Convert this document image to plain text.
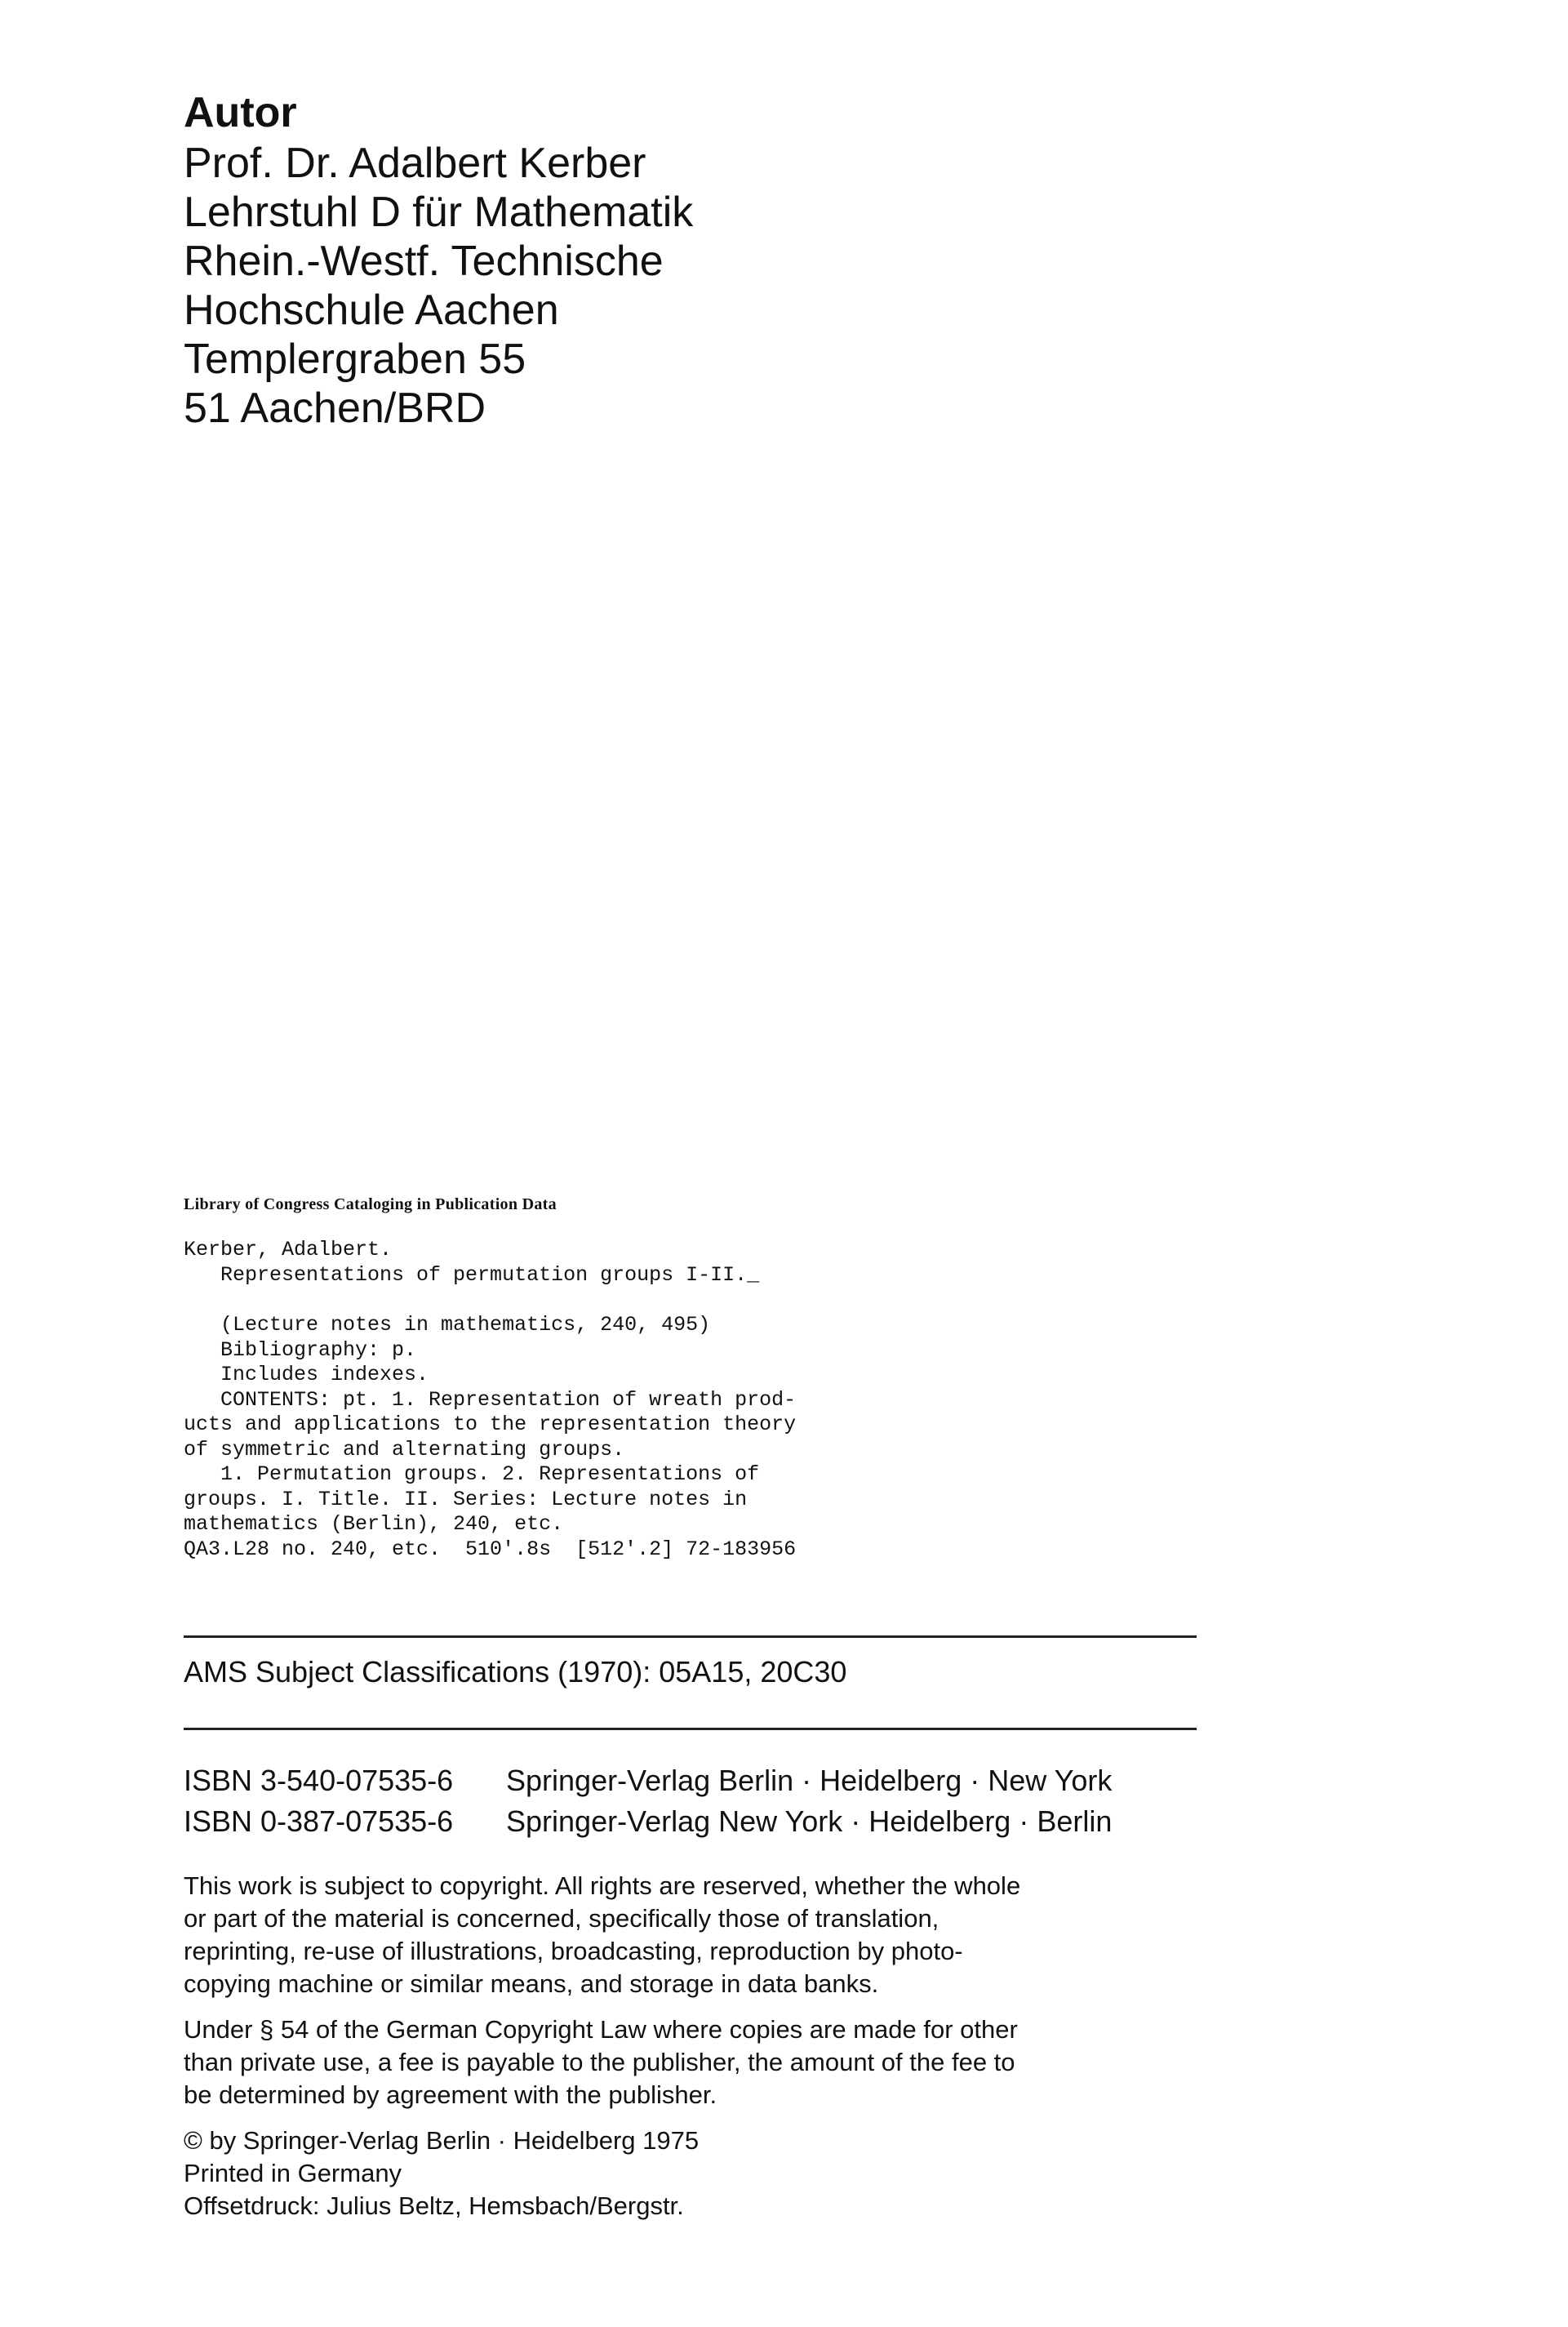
Autor
Prof. Dr. Adalbert Kerber
Lehrstuhl D für Mathematik
Rhein.-Westf. Technische
Hochschule Aachen
Templergraben 55
51 Aachen/BRD
Library of Congress Cataloging in Publication Data
Kerber, Adalbert.
Representations of permutation groups I-II._
(Lecture notes in mathematics, 240, 495)
Bibliography: p.
Includes indexes.
CONTENTS: pt. 1. Representation of wreath prod-
ucts and applications to the representation theory
of symmetric and alternating groups.
1. Permutation groups. 2. Representations of
groups. I. Title. II. Series: Lecture notes in
mathematics (Berlin), 240, etc.
QA3.L28 no. 240, etc.  510'.8s  [512'.2] 72-183956
AMS Subject Classifications (1970): 05A15, 20C30
ISBN 3-540-07535-6 Springer-Verlag Berlin · Heidelberg · New York
ISBN 0-387-07535-6 Springer-Verlag New York · Heidelberg · Berlin
This work is subject to copyright. All rights are reserved, whether the whole
or part of the material is concerned, specifically those of translation,
reprinting, re-use of illustrations, broadcasting, reproduction by photo-
copying machine or similar means, and storage in data banks.
Under § 54 of the German Copyright Law where copies are made for other
than private use, a fee is payable to the publisher, the amount of the fee to
be determined by agreement with the publisher.
© by Springer-Verlag Berlin · Heidelberg 1975
Printed in Germany
Offsetdruck: Julius Beltz, Hemsbach/Bergstr.
